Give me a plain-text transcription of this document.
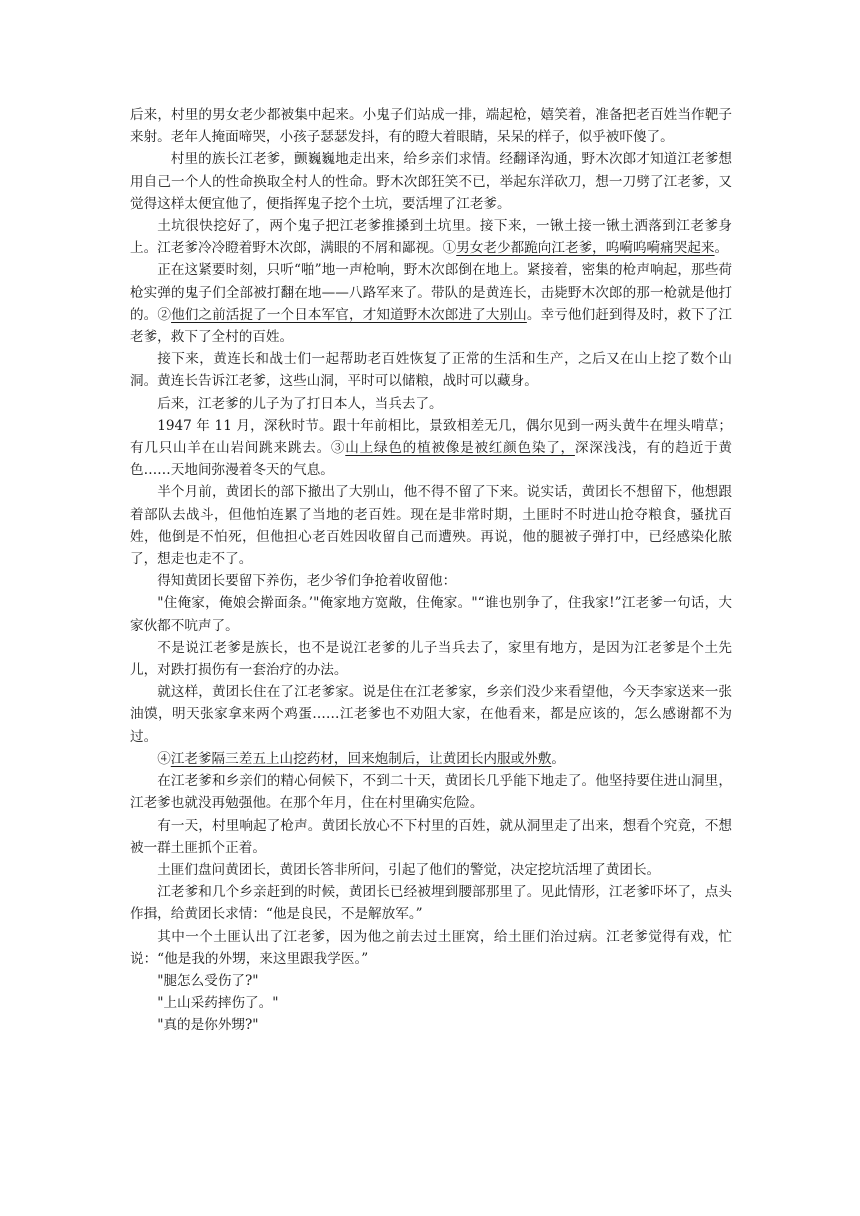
后来，村里的男女老少都被集中起来。小鬼子们站成一排，端起枪，嬉笑着，准备把老百姓当作靶子来射。老年人掩面啼哭，小孩子瑟瑟发抖，有的瞪大着眼睛，呆呆的样子，似乎被吓傻了。

村里的族长江老爹，颤巍巍地走出来，给乡亲们求情。经翻译沟通，野木次郎才知道江老爹想用自己一个人的性命换取全村人的性命。野木次郎狂笑不已，举起东洋砍刀，想一刀劈了江老爹，又觉得这样太便宜他了，便指挥鬼子挖个土坑，要活埋了江老爹。

土坑很快挖好了，两个鬼子把江老爹推搡到土坑里。接下来，一锹土接一锹土洒落到江老爹身上。江老爹冷冷瞪着野木次郎，满眼的不屑和鄙视。①男女老少都跪向江老爹，呜嗬呜嗬痛哭起来。

正在这紧要时刻，只听“啪”地一声枪响，野木次郎倒在地上。紧接着，密集的枪声响起，那些荷枪实弹的鬼子们全部被打翻在地——八路军来了。带队的是黄连长，击毙野木次郎的那一枪就是他打的。②他们之前活捉了一个日本军官，才知道野木次郎进了大别山。幸亏他们赶到得及时，救下了江老爹，救下了全村的百姓。

接下来，黄连长和战士们一起帮助老百姓恢复了正常的生活和生产，之后又在山上挖了数个山洞。黄连长告诉江老爹，这些山洞，平时可以储粮，战时可以藏身。

后来，江老爹的儿子为了打日本人，当兵去了。

1947 年 11 月，深秋时节。跟十年前相比，景致相差无几，偶尔见到一两头黄牛在埋头啃草；有几只山羊在山岩间跳来跳去。③山上绿色的植被像是被红颜色染了，深深浅浅，有的趋近于黄色……天地间弥漫着冬天的气息。

半个月前，黄团长的部下撤出了大别山，他不得不留了下来。说实话，黄团长不想留下，他想跟着部队去战斗，但他怕连累了当地的老百姓。现在是非常时期，土匪时不时进山抢夺粮食，骚扰百姓，他倒是不怕死，但他担心老百姓因收留自己而遭殃。再说，他的腿被子弹打中，已经感染化脓了，想走也走不了。

得知黄团长要留下养伤，老少爷们争抢着收留他：

"住俺家，俺娘会擀面条。’"俺家地方宽敞，住俺家。"“谁也别争了，住我家!”江老爹一句话，大家伙都不吭声了。

不是说江老爹是族长，也不是说江老爹的儿子当兵去了，家里有地方，是因为江老爹是个土先儿，对跌打损伤有一套治疗的办法。

就这样，黄团长住在了江老爹家。说是住在江老爹家，乡亲们没少来看望他，今天李家送来一张油馍，明天张家拿来两个鸡蛋……江老爹也不劝阻大家，在他看来，都是应该的，怎么感谢都不为过。

④江老爹隔三差五上山挖药材，回来炮制后，让黄团长内服或外敷。

在江老爹和乡亲们的精心伺候下，不到二十天，黄团长几乎能下地走了。他坚持要住进山洞里，江老爹也就没再勉强他。在那个年月，住在村里确实危险。

有一天，村里响起了枪声。黄团长放心不下村里的百姓，就从洞里走了出来，想看个究竟，不想被一群土匪抓个正着。

土匪们盘问黄团长，黄团长答非所问，引起了他们的警觉，决定挖坑活埋了黄团长。

江老爹和几个乡亲赶到的时候，黄团长已经被埋到腰部那里了。见此情形，江老爹吓坏了，点头作揖，给黄团长求情：“他是良民，不是解放军。”

其中一个土匪认出了江老爹，因为他之前去过土匪窝，给土匪们治过病。江老爹觉得有戏，忙说：“他是我的外甥，来这里跟我学医。”

"腿怎么受伤了?"

"上山采药摔伤了。"

"真的是你外甥?"
